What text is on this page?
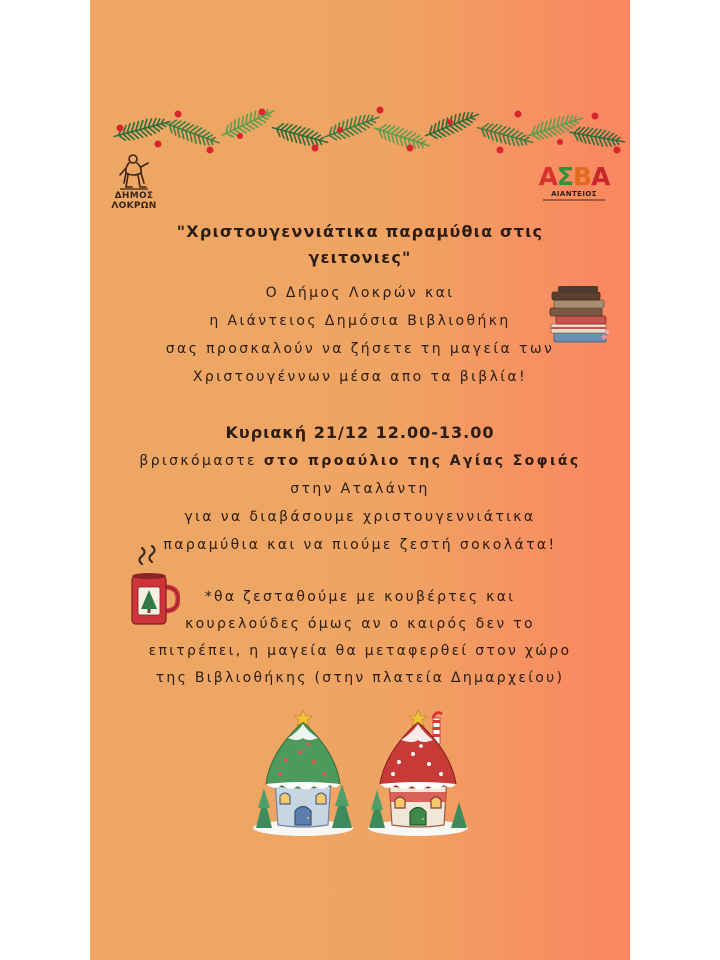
ΔΗΜΟΣ
ΛΟΚΡΩΝ
ΑΣΒΑ
ΑΙΑΝΤΕΙΟΣ
"Χριστουγεννιάτικα παραμύθια στις
γειτονιες"
Ο Δήμος Λοκρών και
η Αιάντειος Δημόσια Βιβλιοθήκη
σας προσκαλούν να ζήσετε τη μαγεία των
Χριστουγέννων μέσα απο τα βιβλία!
Κυριακή 21/12 12.00-13.00
βρισκόμαστε στο προαύλιο της Αγίας Σοφιάς
στην Αταλάντη
για να διαβάσουμε χριστουγεννιάτικα
παραμύθια και να πιούμε ζεστή σοκολάτα!
*θα ζεσταθούμε με κουβέρτες και
κουρελούδες όμως αν ο καιρός δεν το
επιτρέπει, η μαγεία θα μεταφερθεί στον χώρο
της Βιβλιοθήκης (στην πλατεία Δημαρχείου)
